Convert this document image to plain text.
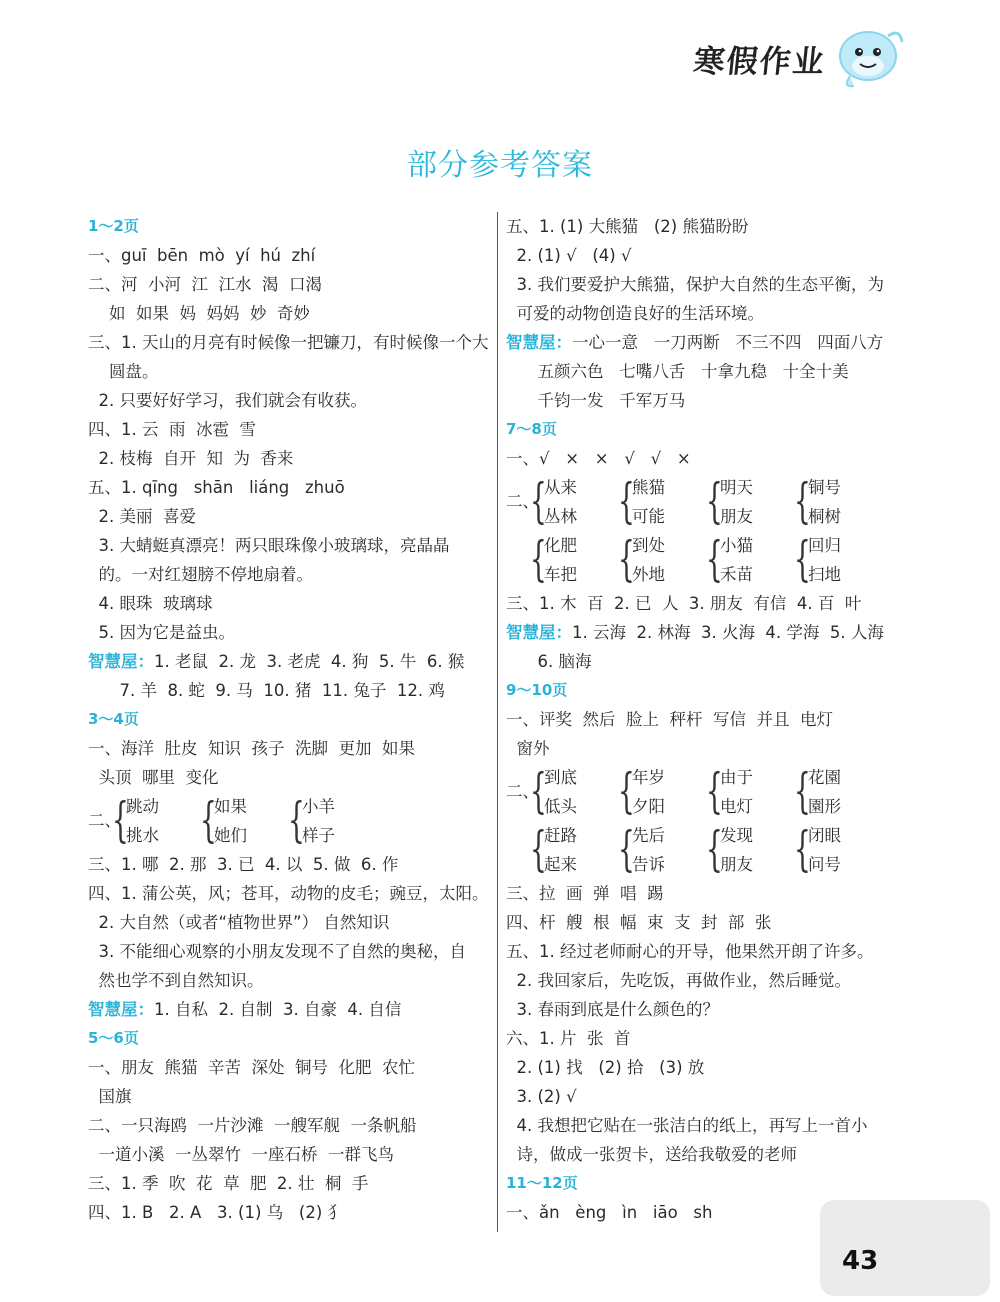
寒假作业
部分参考答案
1～2页
一、guī  bēn  mò  yí  hú  zhí
二、河  小河  江  江水  渴  口渴
如  如果  妈  妈妈  妙  奇妙
三、1. 天山的月亮有时候像一把镰刀，有时候像一个大
圆盘。
2. 只要好好学习，我们就会有收获。
四、1. 云  雨  冰雹  雪
2. 枝梅  自开  知  为  香来
五、1. qīng   shān   liáng   zhuō
2. 美丽  喜爱
3. 大蜻蜓真漂亮！两只眼珠像小玻璃球，亮晶晶
的。一对红翅膀不停地扇着。
4. 眼珠  玻璃球
5. 因为它是益虫。
智慧屋：1. 老鼠  2. 龙  3. 老虎  4. 狗  5. 牛  6. 猴
7. 羊  8. 蛇  9. 马  10. 猪  11. 兔子  12. 鸡
3～4页
一、海洋  肚皮  知识  孩子  洗脚  更加  如果
头顶  哪里  变化
二、
{
跳动
挑水 {
如果
她们 {
小羊
样子
三、1. 哪  2. 那  3. 已  4. 以  5. 做  6. 作
四、1. 蒲公英，风；苍耳，动物的皮毛；豌豆，太阳。
2. 大自然（或者“植物世界”） 自然知识
3. 不能细心观察的小朋友发现不了自然的奥秘，自
然也学不到自然知识。
智慧屋：1. 自私  2. 自制  3. 自豪  4. 自信
5～6页
一、朋友  熊猫  辛苦  深处  铜号  化肥  农忙
国旗
二、一只海鸥  一片沙滩  一艘军舰  一条帆船
一道小溪  一丛翠竹  一座石桥  一群飞鸟
三、1. 季  吹  花  草  肥  2. 壮  桐  手
四、1. B   2. A   3. (1) 乌   (2) 犭
五、1. (1) 大熊猫   (2) 熊猫盼盼
2. (1) √   (4) √
3. 我们要爱护大熊猫，保护大自然的生态平衡，为
可爱的动物创造良好的生活环境。
智慧屋：一心一意   一刀两断   不三不四   四面八方
五颜六色   七嘴八舌   十拿九稳   十全十美
千钧一发   千军万马
7～8页
一、√   ×   ×   √   √   ×
二、
{
从来
丛林 {
熊猫
可能 {
明天
朋友 {
铜号
桐树
{
化肥
车把 {
到处
外地 {
小猫
禾苗 {
回归
扫地
三、1. 木  百  2. 已  人  3. 朋友  有信  4. 百  叶
智慧屋：1. 云海  2. 林海  3. 火海  4. 学海  5. 人海
6. 脑海
9～10页
一、评奖  然后  脸上  秤杆  写信  并且  电灯
窗外
二、
{
到底
低头 {
年岁
夕阳 {
由于
电灯 {
花園
園形
{
赶路
起来 {
先后
告诉 {
发现
朋友 {
闭眼
问号
三、拉  画  弹  唱  踢
四、杆  艘  根  幅  束  支  封  部  张
五、1. 经过老师耐心的开导，他果然开朗了许多。
2. 我回家后，先吃饭，再做作业，然后睡觉。
3. 春雨到底是什么颜色的？
六、1. 片  张  首
2. (1) 找   (2) 拾   (3) 放
3. (2) √
4. 我想把它贴在一张洁白的纸上，再写上一首小
诗，做成一张贺卡，送给我敬爱的老师
11～12页
一、ǎn   èng   ìn   iāo   sh
43
